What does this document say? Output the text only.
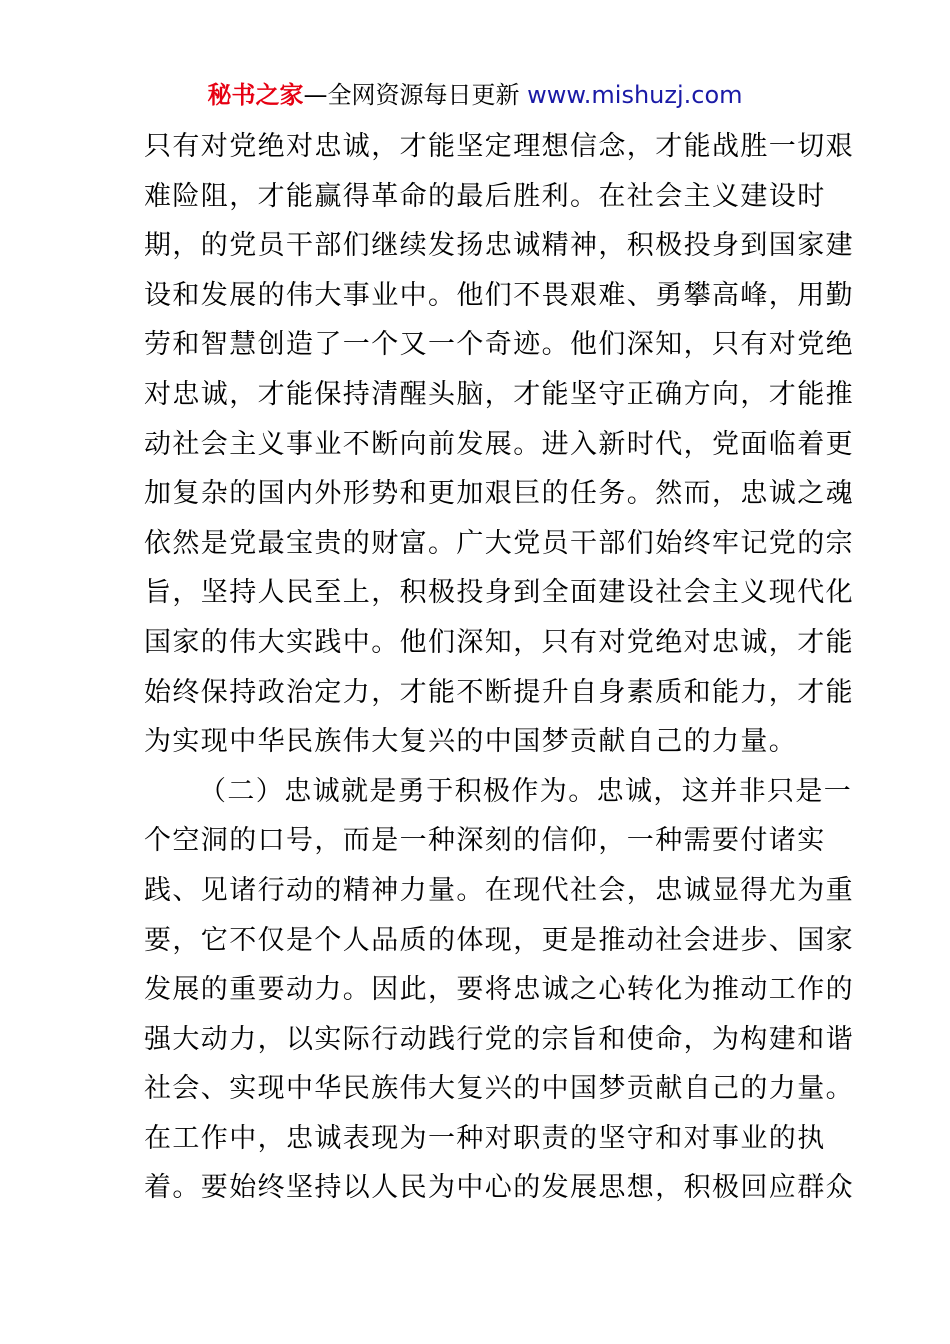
秘书之家—全网资源每日更新 www.mishuzj.com
只有对党绝对忠诚，才能坚定理想信念，才能战胜一切艰
难险阻，才能赢得革命的最后胜利。在社会主义建设时
期，的党员干部们继续发扬忠诚精神，积极投身到国家建
设和发展的伟大事业中。他们不畏艰难、勇攀高峰，用勤
劳和智慧创造了一个又一个奇迹。他们深知，只有对党绝
对忠诚，才能保持清醒头脑，才能坚守正确方向，才能推
动社会主义事业不断向前发展。进入新时代，党面临着更
加复杂的国内外形势和更加艰巨的任务。然而，忠诚之魂
依然是党最宝贵的财富。广大党员干部们始终牢记党的宗
旨，坚持人民至上，积极投身到全面建设社会主义现代化
国家的伟大实践中。他们深知，只有对党绝对忠诚，才能
始终保持政治定力，才能不断提升自身素质和能力，才能
为实现中华民族伟大复兴的中国梦贡献自己的力量。
（二）忠诚就是勇于积极作为。忠诚，这并非只是一
个空洞的口号，而是一种深刻的信仰，一种需要付诸实
践、见诸行动的精神力量。在现代社会，忠诚显得尤为重
要，它不仅是个人品质的体现，更是推动社会进步、国家
发展的重要动力。因此，要将忠诚之心转化为推动工作的
强大动力，以实际行动践行党的宗旨和使命，为构建和谐
社会、实现中华民族伟大复兴的中国梦贡献自己的力量。
在工作中，忠诚表现为一种对职责的坚守和对事业的执
着。要始终坚持以人民为中心的发展思想，积极回应群众
